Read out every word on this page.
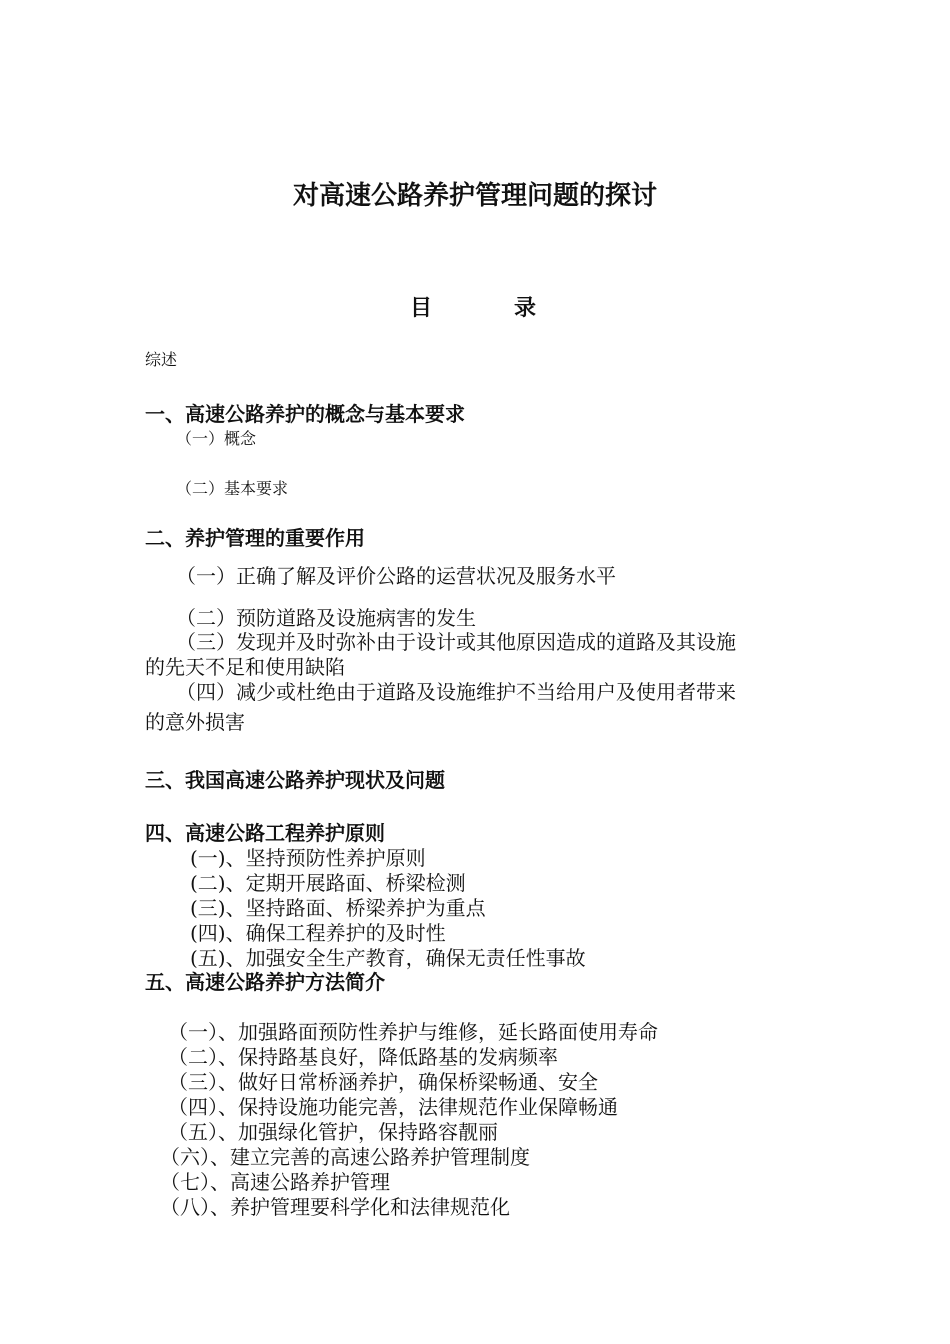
对高速公路养护管理问题的探讨
目	录
综述
一、高速公路养护的概念与基本要求
（一）概念
（二）基本要求
二、养护管理的重要作用
（一）正确了解及评价公路的运营状况及服务水平
（二）预防道路及设施病害的发生
（三）发现并及时弥补由于设计或其他原因造成的道路及其设施
的先天不足和使用缺陷
（四）减少或杜绝由于道路及设施维护不当给用户及使用者带来
的意外损害
三、我国高速公路养护现状及问题
四、高速公路工程养护原则
(一)、坚持预防性养护原则
(二)、定期开展路面、桥梁检测
(三)、坚持路面、桥梁养护为重点
(四)、确保工程养护的及时性
(五)、加强安全生产教育，确保无责任性事故
五、高速公路养护方法简介
（一）、加强路面预防性养护与维修，延长路面使用寿命
（二）、保持路基良好，降低路基的发病频率
（三）、做好日常桥涵养护，确保桥梁畅通、安全
（四）、保持设施功能完善，法律规范作业保障畅通
（五）、加强绿化管护，保持路容靓丽
（六）、建立完善的高速公路养护管理制度
（七）、高速公路养护管理
（八）、养护管理要科学化和法律规范化
